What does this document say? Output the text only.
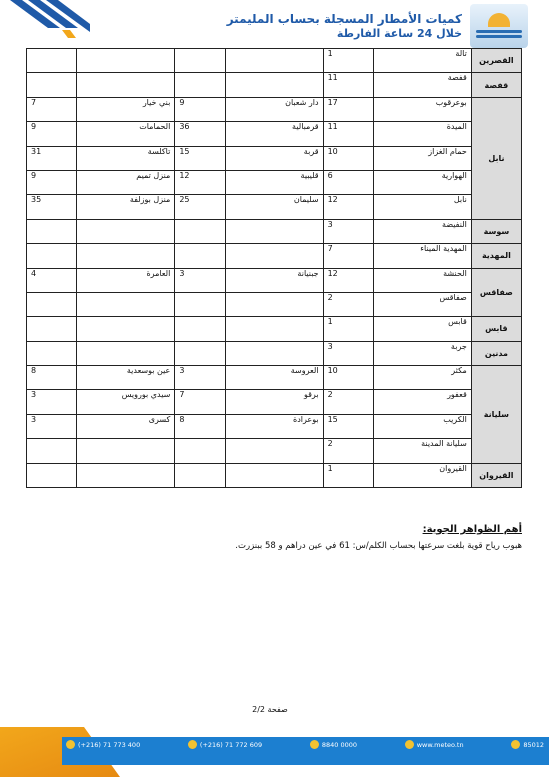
كميات الأمطار المسجلة بحساب المليمتر
خلال 24 ساعة الفارطة
القصرين	تالة	1				
قفصة	قفصة	11				
نابل	بوعرقوب	17	دار شعبان	9	بني خيار	7
	الميدة	11	قرمبالية	36	الحمامات	9
	حمام الغزاز	10	قربة	15	تاكلسة	31
	الهوارية	6	قليبية	12	منزل تميم	9
	نابل	12	سليمان	25	منزل بوزلفة	35
سوسة	النفيضة	3				
المهدية	المهدية الميناء	7				
صفاقس	الحنشة	12	جبنيانة	3	العامرة	4
	صفاقس	2				
قابس	قابس	1				
مدنين	جربة	3				
سليانة	مكثر	10	العروسة	3	عين بوسعدية	8
	قعفور	2	برقو	7	سيدي بورويس	3
	الكريب	15	بوعرادة	8	كسرى	3
	سليانة المدينة	2				
القيروان	القيروان	1				
أهم الظواهر الجوية:
هبوب رياح قوية بلغت سرعتها بحساب الكلم/س: 61 في عين دراهم و 58 ببنزرت.
صفحة 2/2
ص.ب. 156 - 2035 - تونس قرطاج B. P. n°156 - 2035 - Tunis Carthage
(+216) 71 773 400	(+216) 71 772 609	8840 0000	www.meteo.tn	85012
